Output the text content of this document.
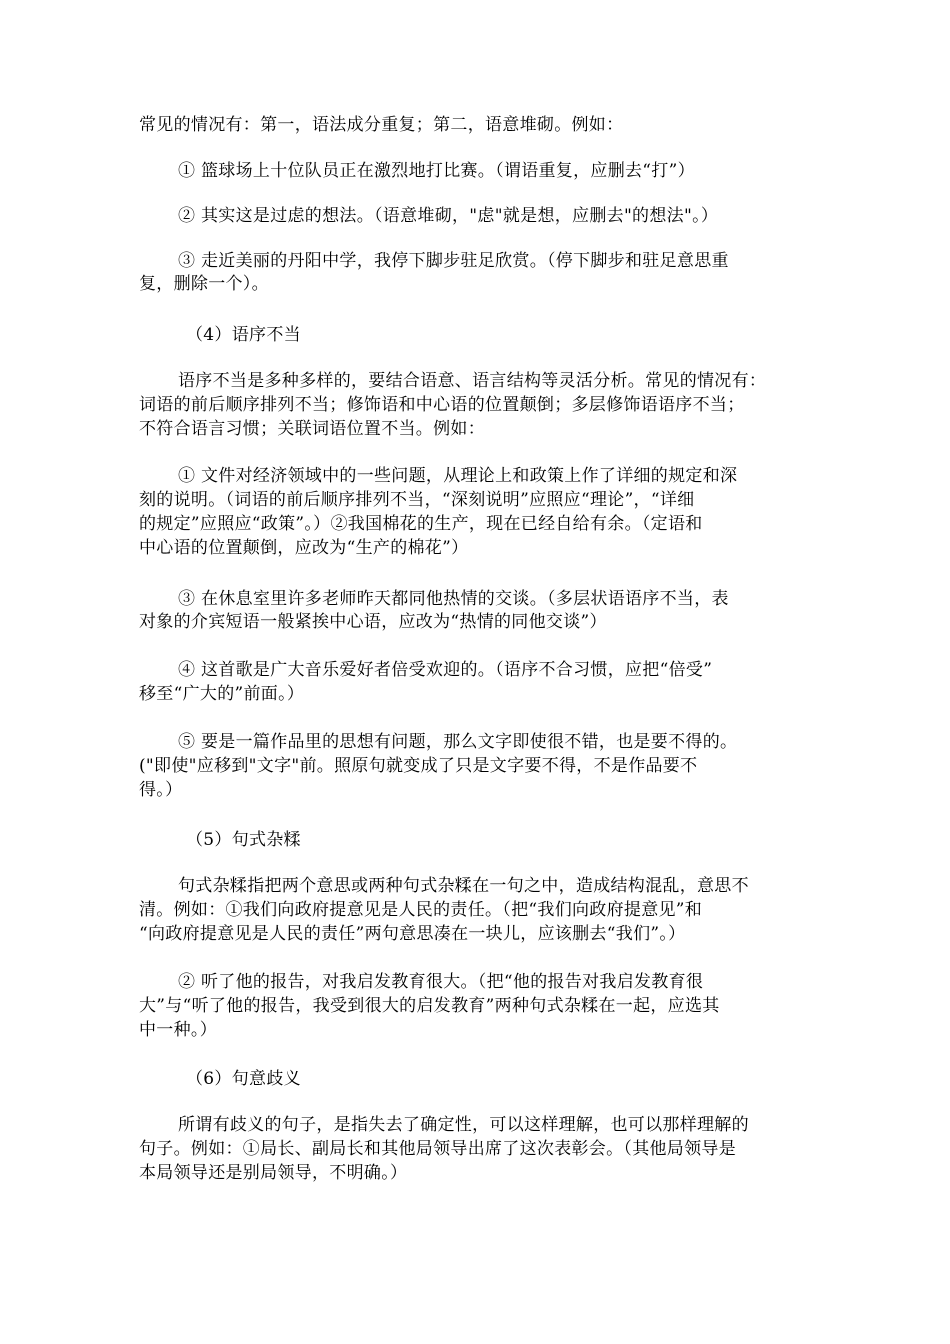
常见的情况有：第一，语法成分重复；第二，语意堆砌。例如：
① 篮球场上十位队员正在激烈地打比赛。（谓语重复，应删去“打”）
② 其实这是过虑的想法。（语意堆砌，"虑"就是想，应删去"的想法"。）
③ 走近美丽的丹阳中学，我停下脚步驻足欣赏。（停下脚步和驻足意思重
复，删除一个）。
（4）语序不当
语序不当是多种多样的，要结合语意、语言结构等灵活分析。常见的情况有：
词语的前后顺序排列不当；修饰语和中心语的位置颠倒；多层修饰语语序不当；
不符合语言习惯；关联词语位置不当。例如：
① 文件对经济领域中的一些问题，从理论上和政策上作了详细的规定和深
刻的说明。（词语的前后顺序排列不当，“深刻说明”应照应“理论”，“详细
的规定”应照应“政策”。）②我国棉花的生产，现在已经自给有余。（定语和
中心语的位置颠倒，应改为“生产的棉花”）
③ 在休息室里许多老师昨天都同他热情的交谈。（多层状语语序不当，表
对象的介宾短语一般紧挨中心语，应改为“热情的同他交谈”）
④ 这首歌是广大音乐爱好者倍受欢迎的。（语序不合习惯，应把“倍受”
移至“广大的”前面。）
⑤ 要是一篇作品里的思想有问题，那么文字即使很不错，也是要不得的。
("即使"应移到"文字"前。照原句就变成了只是文字要不得，不是作品要不
得。）
（5）句式杂糅
句式杂糅指把两个意思或两种句式杂糅在一句之中，造成结构混乱，意思不
清。例如：①我们向政府提意见是人民的责任。（把“我们向政府提意见”和
“向政府提意见是人民的责任”两句意思凑在一块儿，应该删去“我们”。）
② 听了他的报告，对我启发教育很大。（把“他的报告对我启发教育很
大”与“听了他的报告，我受到很大的启发教育”两种句式杂糅在一起，应选其
中一种。）
（6）句意歧义
所谓有歧义的句子，是指失去了确定性，可以这样理解，也可以那样理解的
句子。例如：①局长、副局长和其他局领导出席了这次表彰会。（其他局领导是
本局领导还是别局领导，不明确。）
